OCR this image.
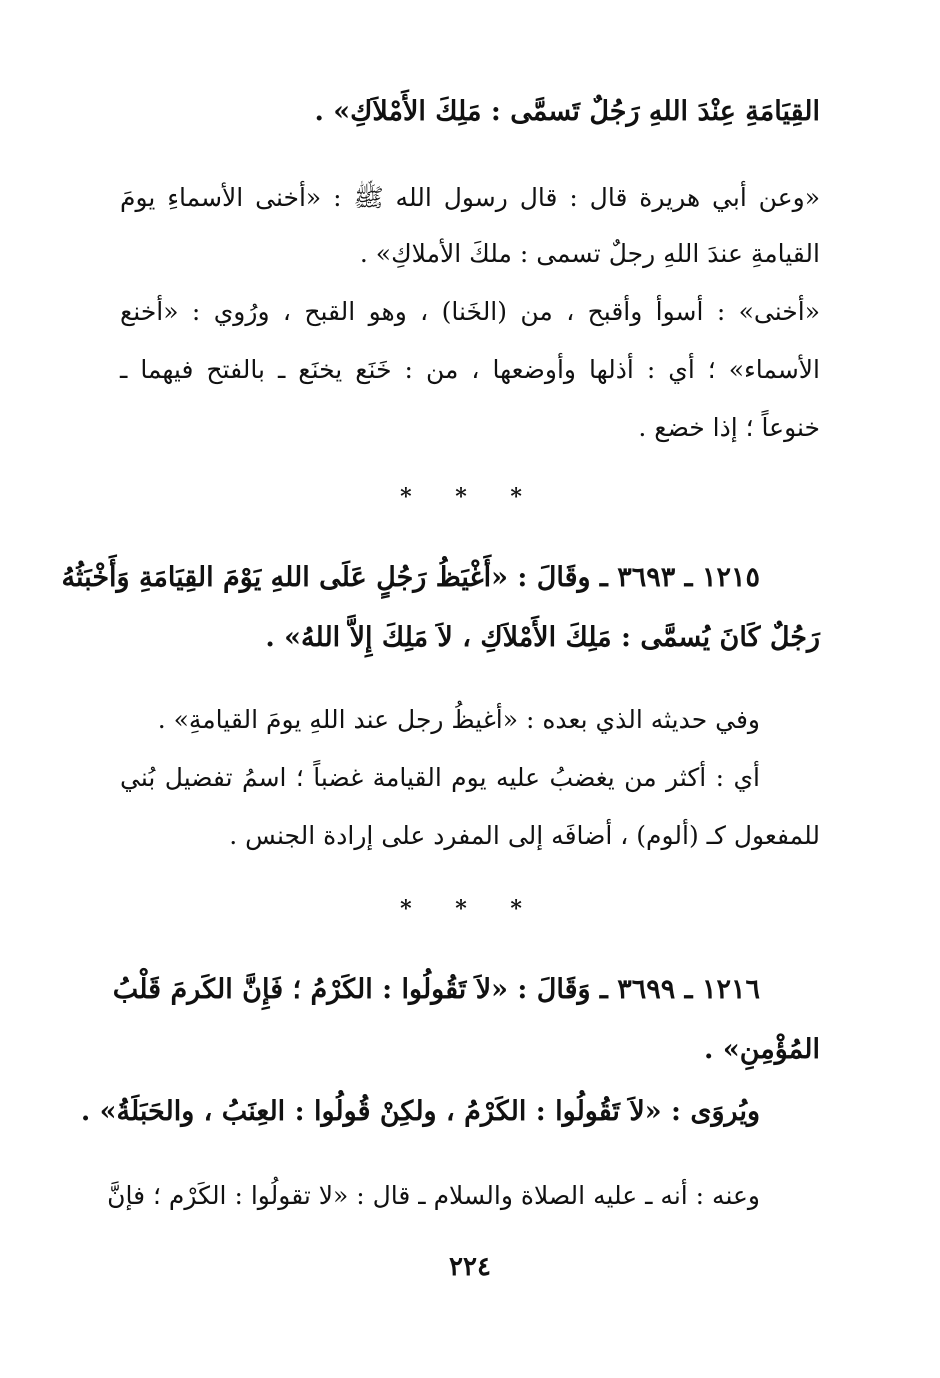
القِيَامَةِ عِنْدَ اللهِ رَجُلٌ تَسمَّى : مَلِكَ الأَمْلاَكِ» .
«وعن أبي هريرة قال : قال رسول الله ﷺ : «أخنى الأسماءِ يومَ
القيامةِ عندَ اللهِ رجلٌ تسمى : ملكَ الأملاكِ» .
«أخنى» : أسوأ وأقبح ، من (الخَنا) ، وهو القبح ، ورُوي : «أخنع
الأسماء» ؛ أي : أذلها وأوضعها ، من : خَنَع يخنَع ـ بالفتح فيهما ـ
خنوعاً ؛ إذا خضع .
* * *
١٢١٥ ـ ٣٦٩٣ ـ وقَالَ : «أَغْيَظُ رَجُلٍ عَلَى اللهِ يَوْمَ القِيَامَةِ وَأَخْبَثُهُ
رَجُلٌ كَانَ يُسمَّى : مَلِكَ الأَمْلاَكِ ، لاَ مَلِكَ إِلاَّ اللهُ» .
وفي حديثه الذي بعده : «أغيظُ رجل عند اللهِ يومَ القيامةِ» .
أي : أكثر من يغضبُ عليه يوم القيامة غضباً ؛ اسمُ تفضيل بُني
للمفعول كـ (ألوم) ، أضافَه إلى المفرد على إرادة الجنس .
* * *
١٢١٦ ـ ٣٦٩٩ ـ وَقَالَ : «لاَ تَقُولُوا : الكَرْمُ ؛ فَإِنَّ الكَرمَ قَلْبُ
المُؤْمِنِ» .
ويُروَى : «لاَ تَقُولُوا : الكَرْمُ ، ولكِنْ قُولُوا : العِنَبُ ، والحَبَلَةُ» .
وعنه : أنه ـ عليه الصلاة والسلام ـ قال : «لا تقولُوا : الكَرْم ؛ فإنَّ
٢٢٤
